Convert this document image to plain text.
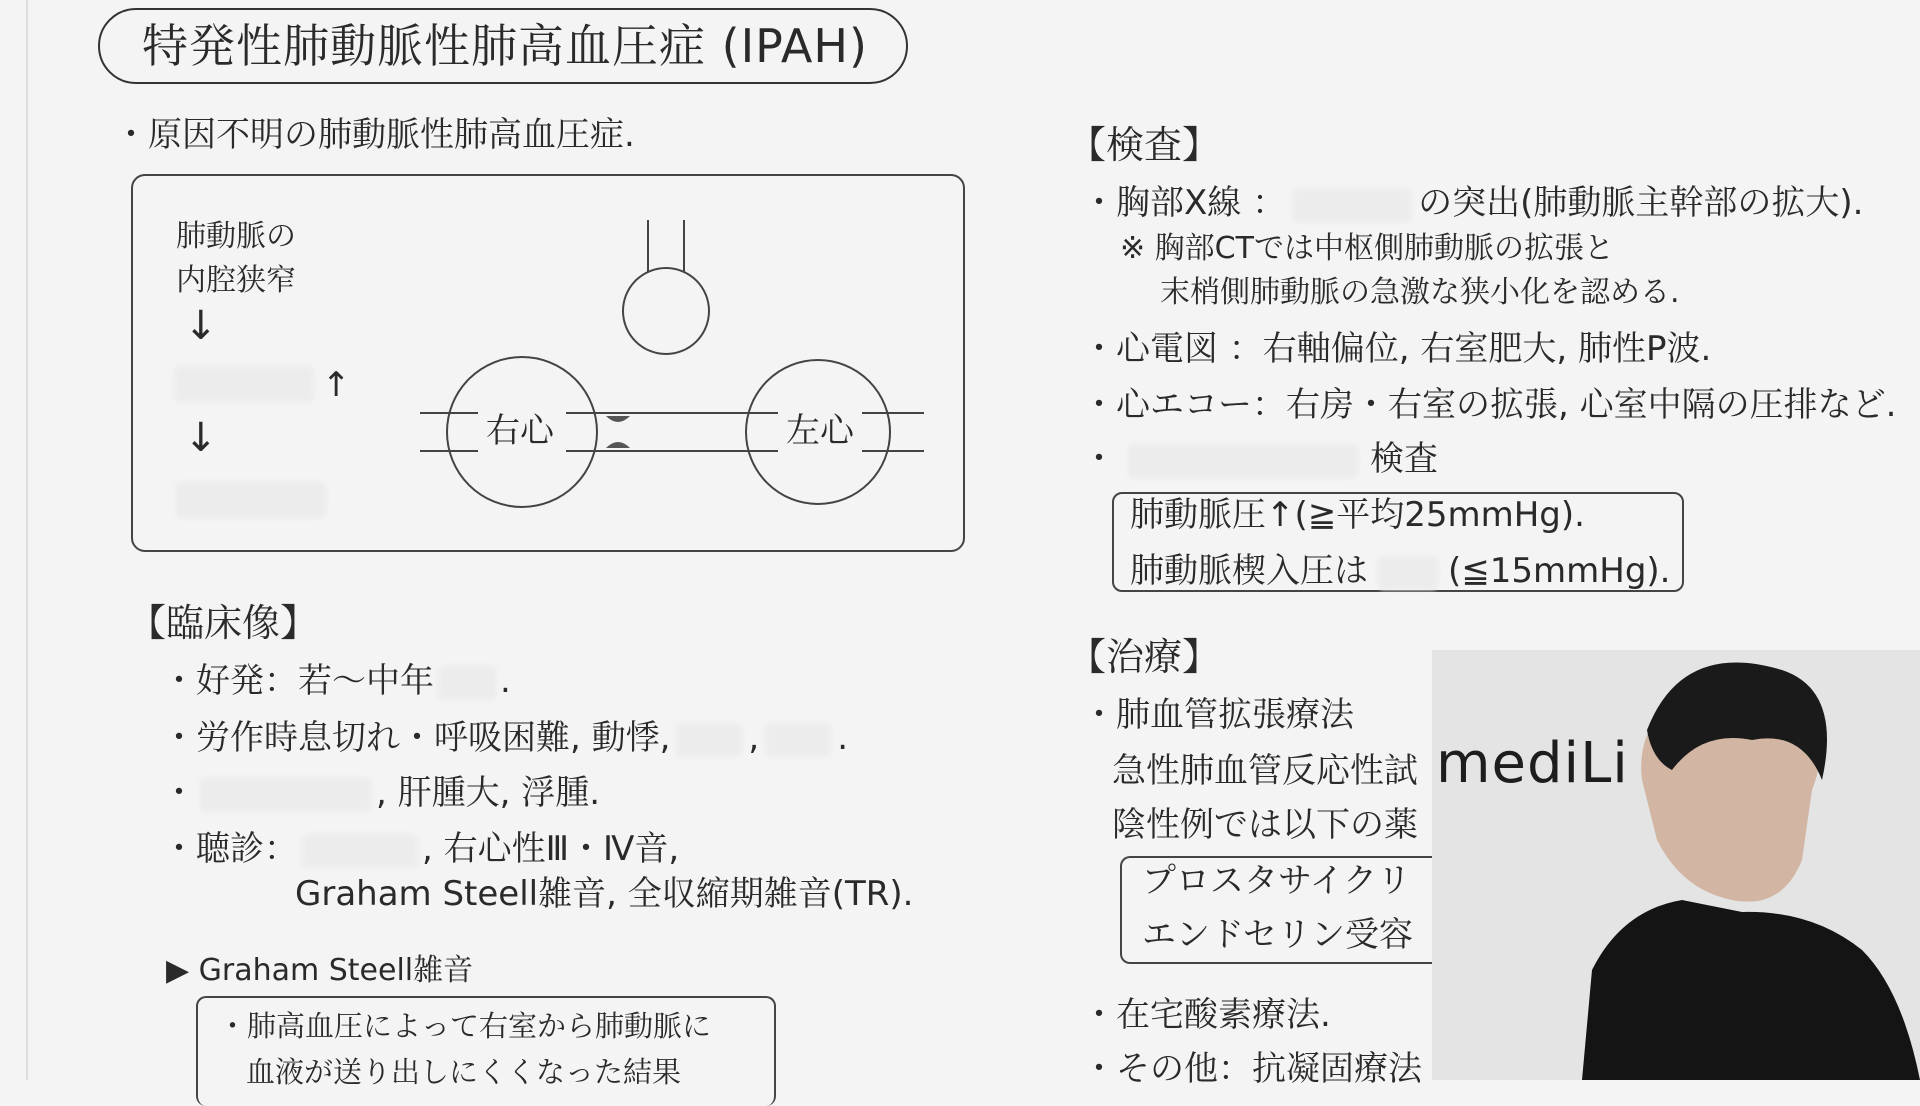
特発性肺動脈性肺高血圧症 (IPAH)
・原因不明の肺動脈性肺高血圧症.
肺動脈の
内腔狭窄
↓
↑
↓	右心	左心
【臨床像】
・好発：若〜中年 .
・労作時息切れ・呼吸困難, 動悸, , .
・	, 肝腫大, 浮腫.
・聴診：	, 右心性Ⅲ・Ⅳ音,
Graham Steell雑音, 全収縮期雑音(TR).
▶ Graham Steell雑音
・肺高血圧によって右室から肺動脈に
血液が送り出しにくくなった結果
【検査】
・胸部X線 ：	の突出(肺動脈主幹部の拡大).
※ 胸部CTでは中枢側肺動脈の拡張と
末梢側肺動脈の急激な狭小化を認める.
・心電図 ：右軸偏位, 右室肥大, 肺性P波.
・心エコー：右房・右室の拡張, 心室中隔の圧排など.
・	検査
肺動脈圧↑(≧平均25mmHg).
肺動脈楔入圧は (≦15mmHg).
【治療】
・肺血管拡張療法
急性肺血管反応性試
陰性例では以下の薬
プロスタサイクリ
エンドセリン受容
・在宅酸素療法.
・その他：抗凝固療法
mediLi
